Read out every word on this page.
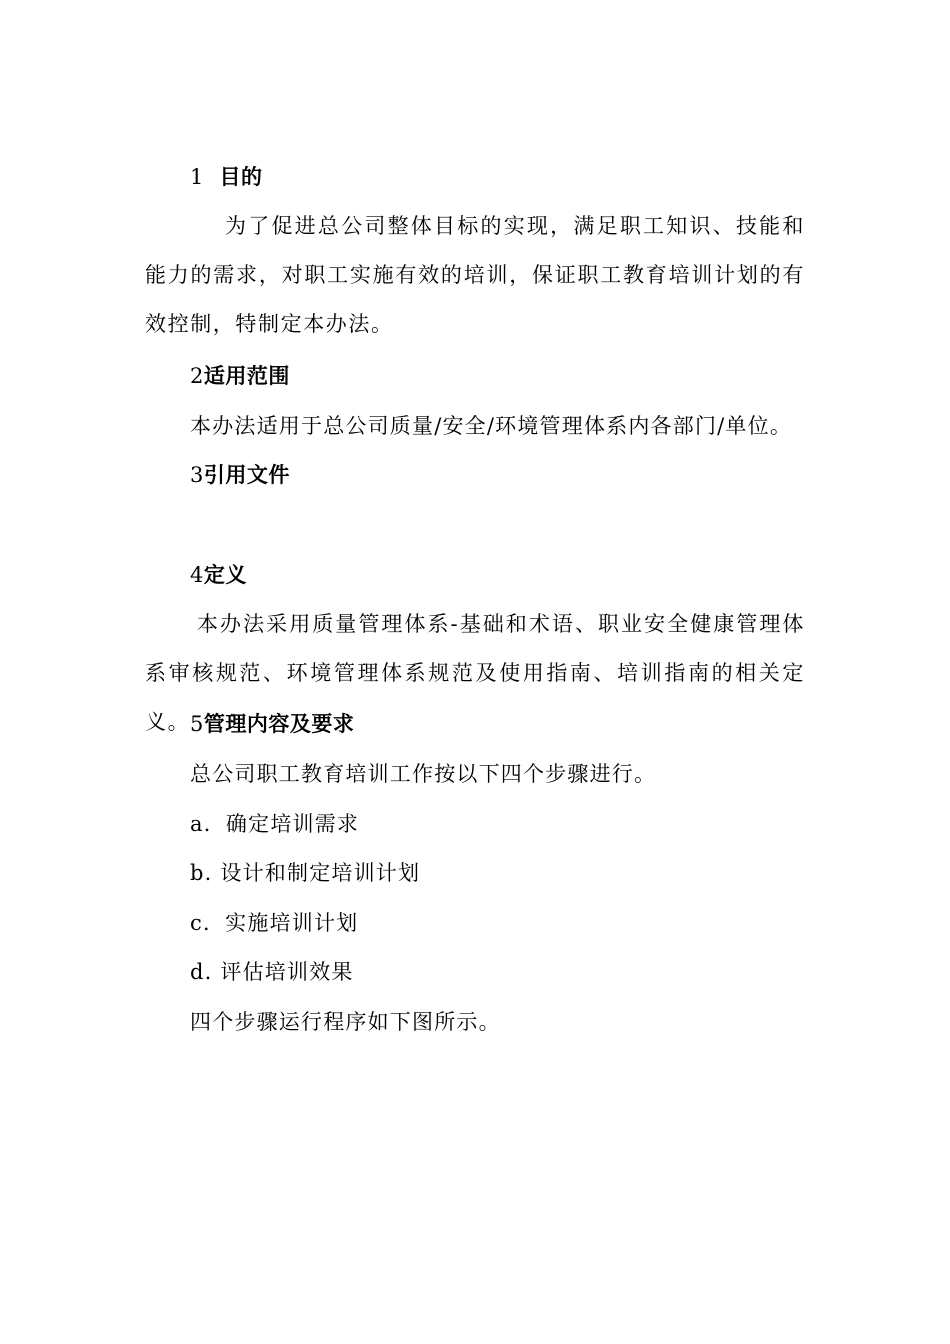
1 目的
为了促进总公司整体目标的实现，满足职工知识、技能和能力的需求，对职工实施有效的培训，保证职工教育培训计划的有效控制，特制定本办法。
2适用范围
本办法适用于总公司质量/安全/环境管理体系内各部门/单位。
3引用文件
4定义
本办法采用质量管理体系-基础和术语、职业安全健康管理体系审核规范、环境管理体系规范及使用指南、培训指南的相关定义。 5管理内容及要求
总公司职工教育培训工作按以下四个步骤进行。
a．确定培训需求
b. 设计和制定培训计划
c．实施培训计划
d. 评估培训效果
四个步骤运行程序如下图所示。
